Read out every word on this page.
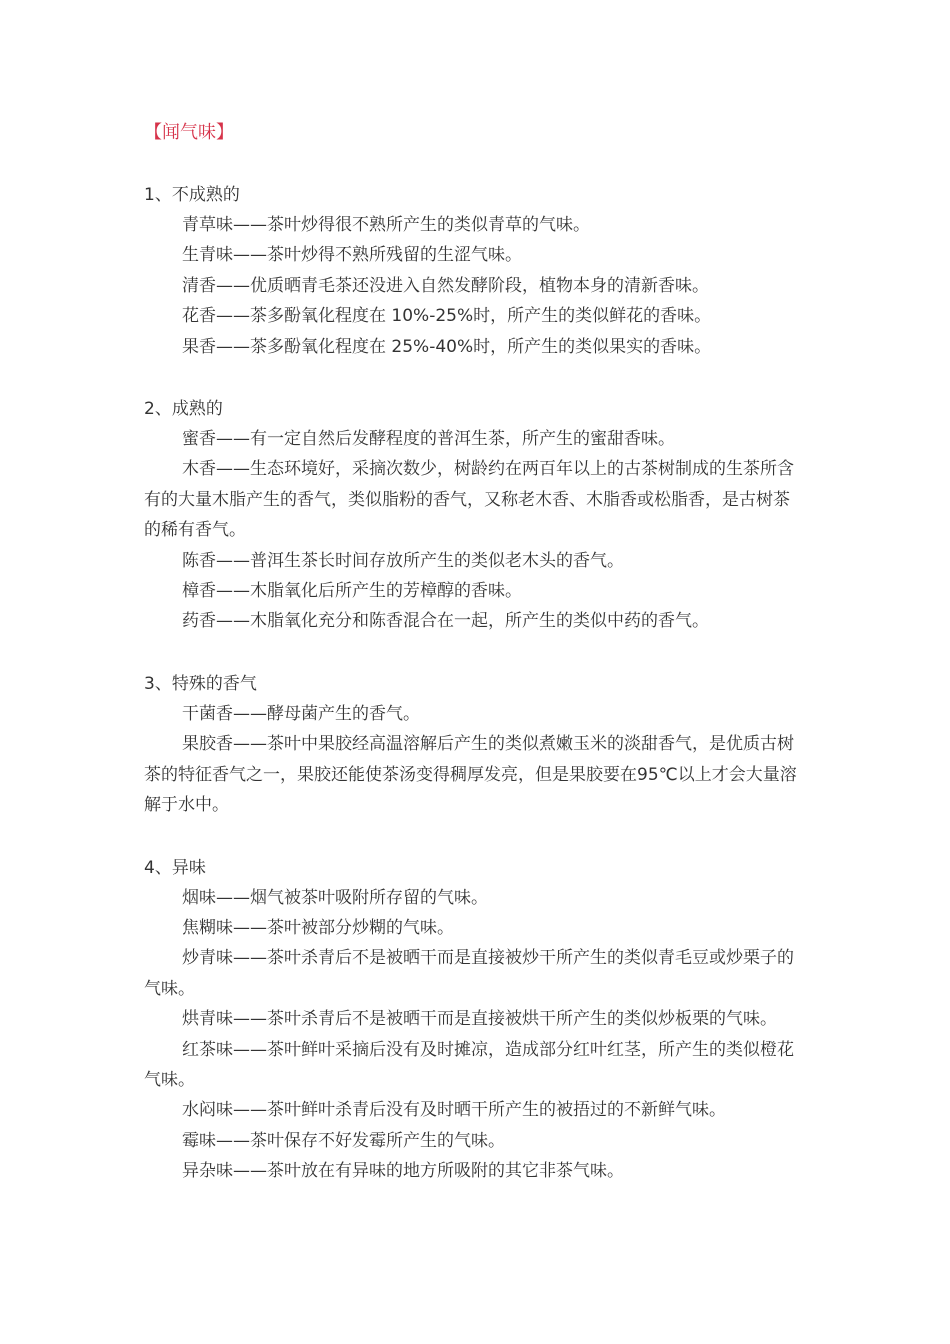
【闻气味】

1、不成熟的

青草味——茶叶炒得很不熟所产生的类似青草的气味。

生青味——茶叶炒得不熟所残留的生涩气味。

清香——优质晒青毛茶还没进入自然发酵阶段，植物本身的清新香味。

花香——茶多酚氧化程度在 10%-25%时，所产生的类似鲜花的香味。

果香——茶多酚氧化程度在 25%-40%时，所产生的类似果实的香味。

2、成熟的

蜜香——有一定自然后发酵程度的普洱生茶，所产生的蜜甜香味。

木香——生态环境好，采摘次数少，树龄约在两百年以上的古茶树制成的生茶所含有的大量木脂产生的香气，类似脂粉的香气，又称老木香、木脂香或松脂香，是古树茶的稀有香气。

陈香——普洱生茶长时间存放所产生的类似老木头的香气。

樟香——木脂氧化后所产生的芳樟醇的香味。

药香——木脂氧化充分和陈香混合在一起，所产生的类似中药的香气。

3、特殊的香气

干菌香——酵母菌产生的香气。

果胶香——茶叶中果胶经高温溶解后产生的类似煮嫩玉米的淡甜香气，是优质古树茶的特征香气之一，果胶还能使茶汤变得稠厚发亮，但是果胶要在95℃以上才会大量溶解于水中。

4、异味

烟味——烟气被茶叶吸附所存留的气味。

焦糊味——茶叶被部分炒糊的气味。

炒青味——茶叶杀青后不是被晒干而是直接被炒干所产生的类似青毛豆或炒栗子的气味。

烘青味——茶叶杀青后不是被晒干而是直接被烘干所产生的类似炒板栗的气味。

红茶味——茶叶鲜叶采摘后没有及时摊凉，造成部分红叶红茎，所产生的类似橙花气味。

水闷味——茶叶鲜叶杀青后没有及时晒干所产生的被捂过的不新鲜气味。

霉味——茶叶保存不好发霉所产生的气味。

异杂味——茶叶放在有异味的地方所吸附的其它非茶气味。
